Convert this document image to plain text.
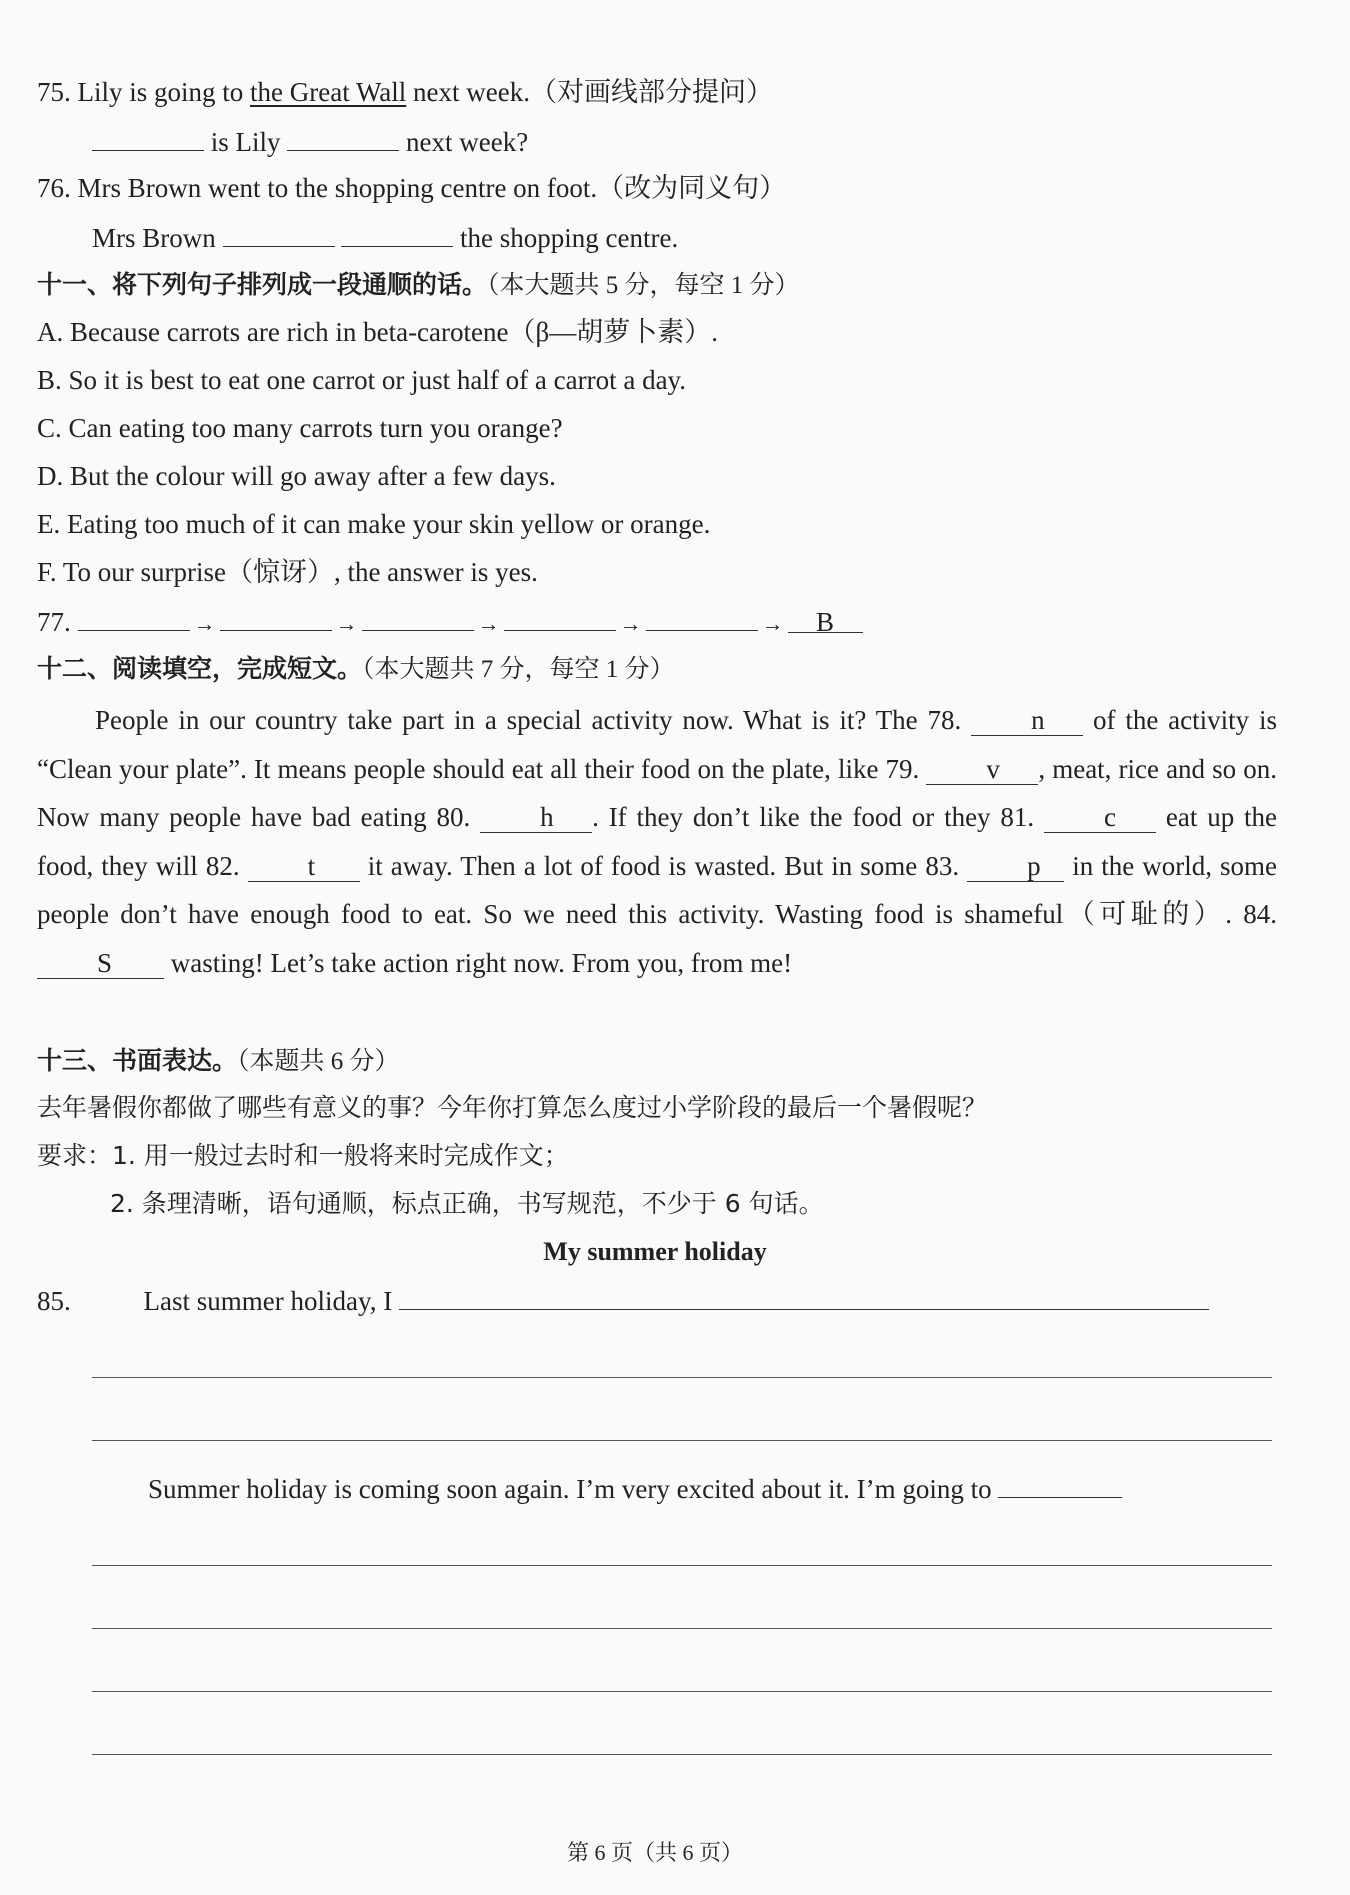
75. Lily is going to the Great Wall next week.（对画线部分提问）
is Lily	next week?
76. Mrs Brown went to the shopping centre on foot.（改为同义句）
Mrs Brown	the shopping centre.
十一、将下列句子排列成一段通顺的话。（本大题共 5 分，每空 1 分）
A. Because carrots are rich in beta-carotene（β—胡萝卜素）.
B. So it is best to eat one carrot or just half of a carrot a day.
C. Can eating too many carrots turn you orange?
D. But the colour will go away after a few days.
E. Eating too much of it can make your skin yellow or orange.
F. To our surprise（惊讶）, the answer is yes.
77.	→	→	→	→	→ B
十二、阅读填空，完成短文。（本大题共 7 分，每空 1 分）
People in our country take part in a special activity now. What is it? The 78.	n of the activity is “Clean your plate”. It means people should eat all their food on the plate, like 79. v , meat, rice and so on. Now many people have bad eating 80.	h . If they don’t like the food or they 81.	c eat up the food, they will 82.	t it away. Then a lot of food is wasted. But in some 83.	p in the world, some people don’t have enough food to eat. So we need this activity. Wasting food is shameful（可耻的）. 84. S wasting! Let’s take action right now. From you, from me!
十三、书面表达。（本题共 6 分）
去年暑假你都做了哪些有意义的事？今年你打算怎么度过小学阶段的最后一个暑假呢？
要求：1. 用一般过去时和一般将来时完成作文；
2. 条理清晰，语句通顺，标点正确，书写规范，不少于 6 句话。
My summer holiday
85.	Last summer holiday, I
Summer holiday is coming soon again. I’m very excited about it. I’m going to
第 6 页（共 6 页）
